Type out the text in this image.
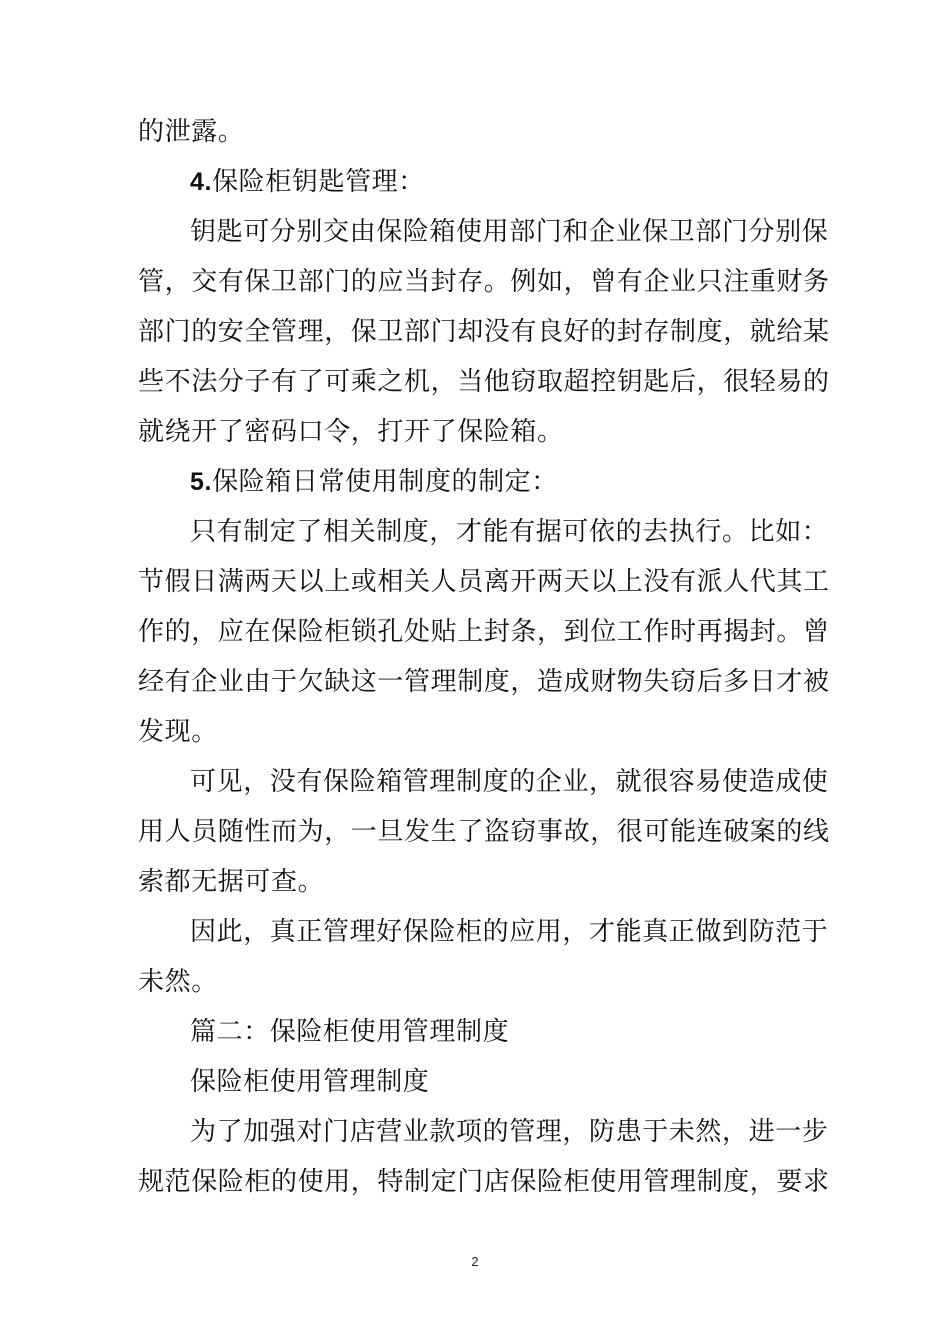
的泄露。
4.保险柜钥匙管理：
钥匙可分别交由保险箱使用部门和企业保卫部门分别保
管，交有保卫部门的应当封存。例如，曾有企业只注重财务
部门的安全管理，保卫部门却没有良好的封存制度，就给某
些不法分子有了可乘之机，当他窃取超控钥匙后，很轻易的
就绕开了密码口令，打开了保险箱。
5.保险箱日常使用制度的制定：
只有制定了相关制度，才能有据可依的去执行。比如：
节假日满两天以上或相关人员离开两天以上没有派人代其工
作的，应在保险柜锁孔处贴上封条，到位工作时再揭封。曾
经有企业由于欠缺这一管理制度，造成财物失窃后多日才被
发现。
可见，没有保险箱管理制度的企业，就很容易使造成使
用人员随性而为，一旦发生了盗窃事故，很可能连破案的线
索都无据可查。
因此，真正管理好保险柜的应用，才能真正做到防范于
未然。
篇二：保险柜使用管理制度
保险柜使用管理制度
为了加强对门店营业款项的管理，防患于未然，进一步
规范保险柜的使用，特制定门店保险柜使用管理制度，要求
2
